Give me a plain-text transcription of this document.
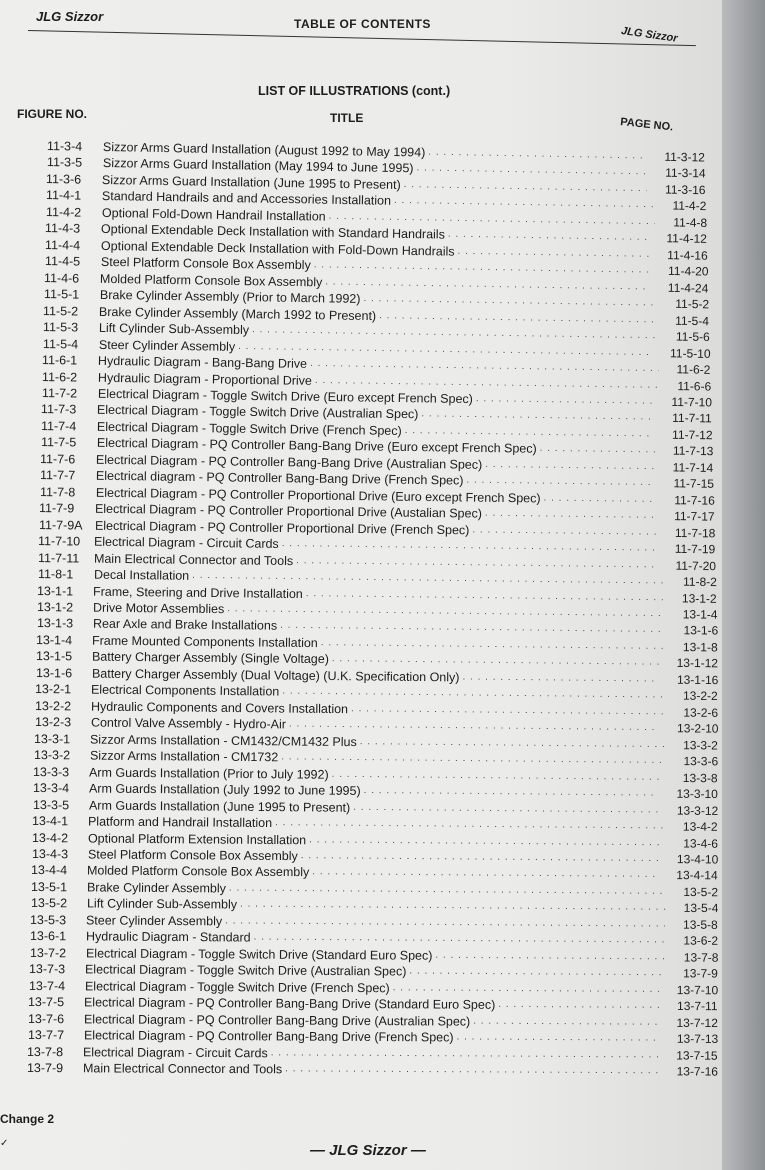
JLG Sizzor	TABLE OF CONTENTS
JLG Sizzor
LIST OF ILLUSTRATIONS (cont.)
FIGURE NO.	TITLE	PAGE NO.
11-3-4	Sizzor Arms Guard Installation (August 1992 to May 1994) . . .	11-3-12
11-3-5	Sizzor Arms Guard Installation (May 1994 to June 1995) . . .	11-3-14
11-3-6	Sizzor Arms Guard Installation (June 1995 to Present) . . .	11-3-16
11-4-1	Standard Handrails and and Accessories Installation . . .	11-4-2
11-4-2	Optional Fold-Down Handrail Installation . . .	11-4-8
11-4-3	Optional Extendable Deck Installation with Standard Handrails . . .	11-4-12
11-4-4	Optional Extendable Deck Installation with Fold-Down Handrails . . .	11-4-16
11-4-5	Steel Platform Console Box Assembly . . .	11-4-20
11-4-6	Molded Platform Console Box Assembly . . .	11-4-24
11-5-1	Brake Cylinder Assembly (Prior to March 1992) . . .	11-5-2
11-5-2	Brake Cylinder Assembly (March 1992 to Present) . . .	11-5-4
11-5-3	Lift Cylinder Sub-Assembly . . .	11-5-6
11-5-4	Steer Cylinder Assembly . . .	11-5-10
11-6-1	Hydraulic Diagram - Bang-Bang Drive . . .	11-6-2
11-6-2	Hydraulic Diagram - Proportional Drive . . .	11-6-6
11-7-2	Electrical Diagram - Toggle Switch Drive (Euro except French Spec) . . .	11-7-10
11-7-3	Electrical Diagram - Toggle Switch Drive (Australian Spec) . . .	11-7-11
11-7-4	Electrical Diagram - Toggle Switch Drive (French Spec) . . .	11-7-12
11-7-5	Electrical Diagram - PQ Controller Bang-Bang Drive (Euro except French Spec) . . .	11-7-13
11-7-6	Electrical Diagram - PQ Controller Bang-Bang Drive (Australian Spec) . . .	11-7-14
11-7-7	Electrical diagram - PQ Controller Bang-Bang Drive (French Spec) . . .	11-7-15
11-7-8	Electrical Diagram - PQ Controller Proportional Drive (Euro except French Spec) . . .	11-7-16
11-7-9	Electrical Diagram - PQ Controller Proportional Drive (Austalian Spec) . . .	11-7-17
11-7-9A Electrical Diagram - PQ Controller Proportional Drive (French Spec) . . .	11-7-18
11-7-10	Electrical Diagram - Circuit Cards . . .	11-7-19
11-7-11	Main Electrical Connector and Tools . . .	11-7-20
11-8-1	Decal Installation . . .	11-8-2
13-1-1	Frame, Steering and Drive Installation . . .	13-1-2
13-1-2	Drive Motor Assemblies . . .	13-1-4
13-1-3	Rear Axle and Brake Installations . . .	13-1-6
13-1-4	Frame Mounted Components Installation . . .	13-1-8
13-1-5	Battery Charger Assembly (Single Voltage) . . .	13-1-12
13-1-6	Battery Charger Assembly (Dual Voltage) (U.K. Specification Only) . . .	13-1-16
13-2-1	Electrical Components Installation . . .	13-2-2
13-2-2	Hydraulic Components and Covers Installation . . .	13-2-6
13-2-3	Control Valve Assembly - Hydro-Air . . .	13-2-10
13-3-1	Sizzor Arms Installation - CM1432/CM1432 Plus . . .	13-3-2
13-3-2	Sizzor Arms Installation - CM1732 . . .	13-3-6
13-3-3	Arm Guards Installation (Prior to July 1992) . . .	13-3-8
13-3-4	Arm Guards Installation (July 1992 to June 1995) . . .	13-3-10
13-3-5	Arm Guards Installation (June 1995 to Present) . . .	13-3-12
13-4-1	Platform and Handrail Installation . . .	13-4-2
13-4-2	Optional Platform Extension Installation . . .	13-4-6
13-4-3	Steel Platform Console Box Assembly . . .	13-4-10
13-4-4	Molded Platform Console Box Assembly . . .	13-4-14
13-5-1	Brake Cylinder Assembly . . .	13-5-2
13-5-2	Lift Cylinder Sub-Assembly . . .	13-5-4
13-5-3	Steer Cylinder Assembly . . .	13-5-8
13-6-1	Hydraulic Diagram - Standard . . .	13-6-2
13-7-2	Electrical Diagram - Toggle Switch Drive (Standard Euro Spec) . . .	13-7-8
13-7-3	Electrical Diagram - Toggle Switch Drive (Australian Spec) . . .	13-7-9
13-7-4	Electrical Diagram - Toggle Switch Drive (French Spec) . . .	13-7-10
13-7-5	Electrical Diagram - PQ Controller Bang-Bang Drive (Standard Euro Spec) . . .	13-7-11
13-7-6	Electrical Diagram - PQ Controller Bang-Bang Drive (Australian Spec) . . .	13-7-12
13-7-7	Electrical Diagram - PQ Controller Bang-Bang Drive (French Spec) . . .	13-7-13
13-7-8	Electrical Diagram - Circuit Cards . . .	13-7-15
13-7-9	Main Electrical Connector and Tools . . .	13-7-16
Change 2
✓	— JLG Sizzor —
